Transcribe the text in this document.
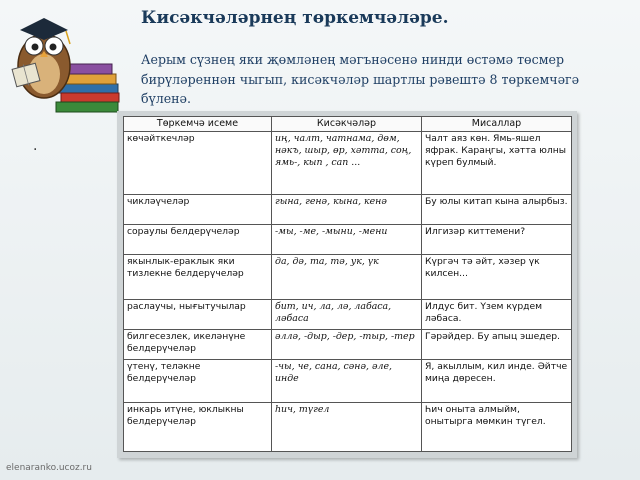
Кисәкчәләрнең төркемчәләре.
Аерым сүзнең яки җөмләнең мәгънәсенә нинди өстәмә төсмер бирүләреннән чыгып, кисәкчәләр шартлы рәвештә 8 төркемчәгә бүленә.
.
Төркемчә исеме	Кисәкчәләр	Мисаллар
көчәйткечләр	иң, чалт, чатнама, дөм, нәкъ, шыр, өр, хәтта, соң, ямь-, кып , сап ...	Чалт аяз көн. Ямь-яшел яфрак. Караңгы, хәтта юлны күреп булмый.
чикләүчеләр	гына, генә, кына, кенә	Бу юлы китап кына алырбыз.
сораулы белдерүчеләр	-мы, -ме, -мыни, -мени	Илгизәр киттемени?
якынлык-ераклык яки тизлекне белдерүчеләр	да, дә, та, тә, ук, үк	Күргәч тә әйт, хәзер үк килсен...
раслаучы, нығытучылар	бит, ич, ла, лә, лабаса, лəбаса	Илдус бит. Үзем күрдем ләбаса.
билгесезлек, икеләнүне белдерүчеләр	әллә, -дыр, -дер, -тыр, -тер	Гәрәйдер. Бу апыц эшедер.
үтенү, теләкне белдерүчеләр	-чы, че, сана, сәнә, әле, инде	Я, акыллым, кил инде. Әйтче миңа дөресен.
инкарь итүне, юклыкны белдерүчеләр	һич, түгел	Һич онытa алмыйм, онытырга мөмкин түгел.
elenaranko.ucoz.ru
